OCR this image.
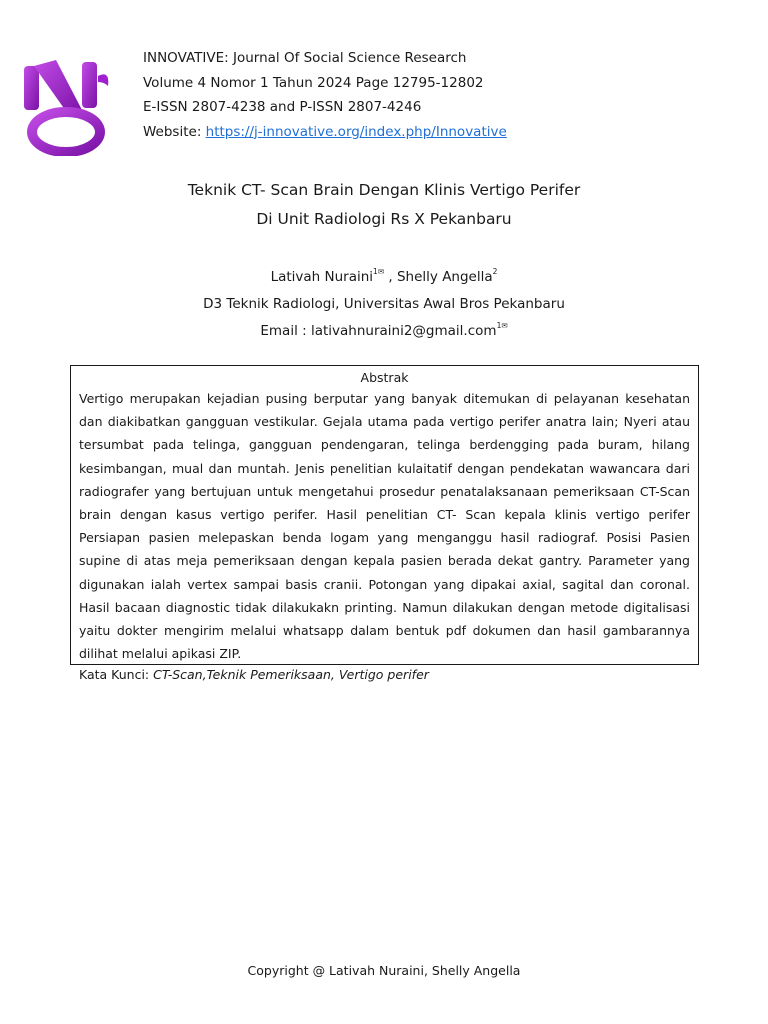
INNOVATIVE: Journal Of Social Science Research
Volume 4 Nomor 1 Tahun 2024 Page 12795-12802
E-ISSN 2807-4238 and P-ISSN 2807-4246
Website: https://j-innovative.org/index.php/Innovative
Teknik CT- Scan Brain Dengan Klinis Vertigo Perifer
Di Unit Radiologi Rs X Pekanbaru
Lativah Nuraini$^{1✉}$ , Shelly Angella$^2$
D3 Teknik Radiologi, Universitas Awal Bros Pekanbaru
Email : lativahnuraini2@gmail.com$^{1✉}$
Abstrak
Vertigo merupakan kejadian pusing berputar yang banyak ditemukan di pelayanan kesehatan dan diakibatkan gangguan vestikular. Gejala utama pada vertigo perifer anatra lain; Nyeri atau tersumbat pada telinga, gangguan pendengaran, telinga berdengging pada buram, hilang kesimbangan, mual dan muntah. Jenis penelitian kulaitatif dengan pendekatan wawancara dari radiografer yang bertujuan untuk mengetahui prosedur penatalaksanaan pemeriksaan CT-Scan brain dengan kasus vertigo perifer. Hasil penelitian CT- Scan kepala klinis vertigo perifer Persiapan pasien melepaskan benda logam yang menganggu hasil radiograf. Posisi Pasien supine di atas meja pemeriksaan dengan kepala pasien berada dekat gantry. Parameter yang digunakan ialah vertex sampai basis cranii. Potongan yang dipakai axial, sagital dan coronal. Hasil bacaan diagnostic tidak dilakukakn printing. Namun dilakukan dengan metode digitalisasi yaitu dokter mengirim melalui whatsapp dalam bentuk pdf dokumen dan hasil gambarannya dilihat melalui apikasi ZIP.
Kata Kunci: CT-Scan,Teknik Pemeriksaan, Vertigo perifer
Copyright @ Lativah Nuraini, Shelly Angella
